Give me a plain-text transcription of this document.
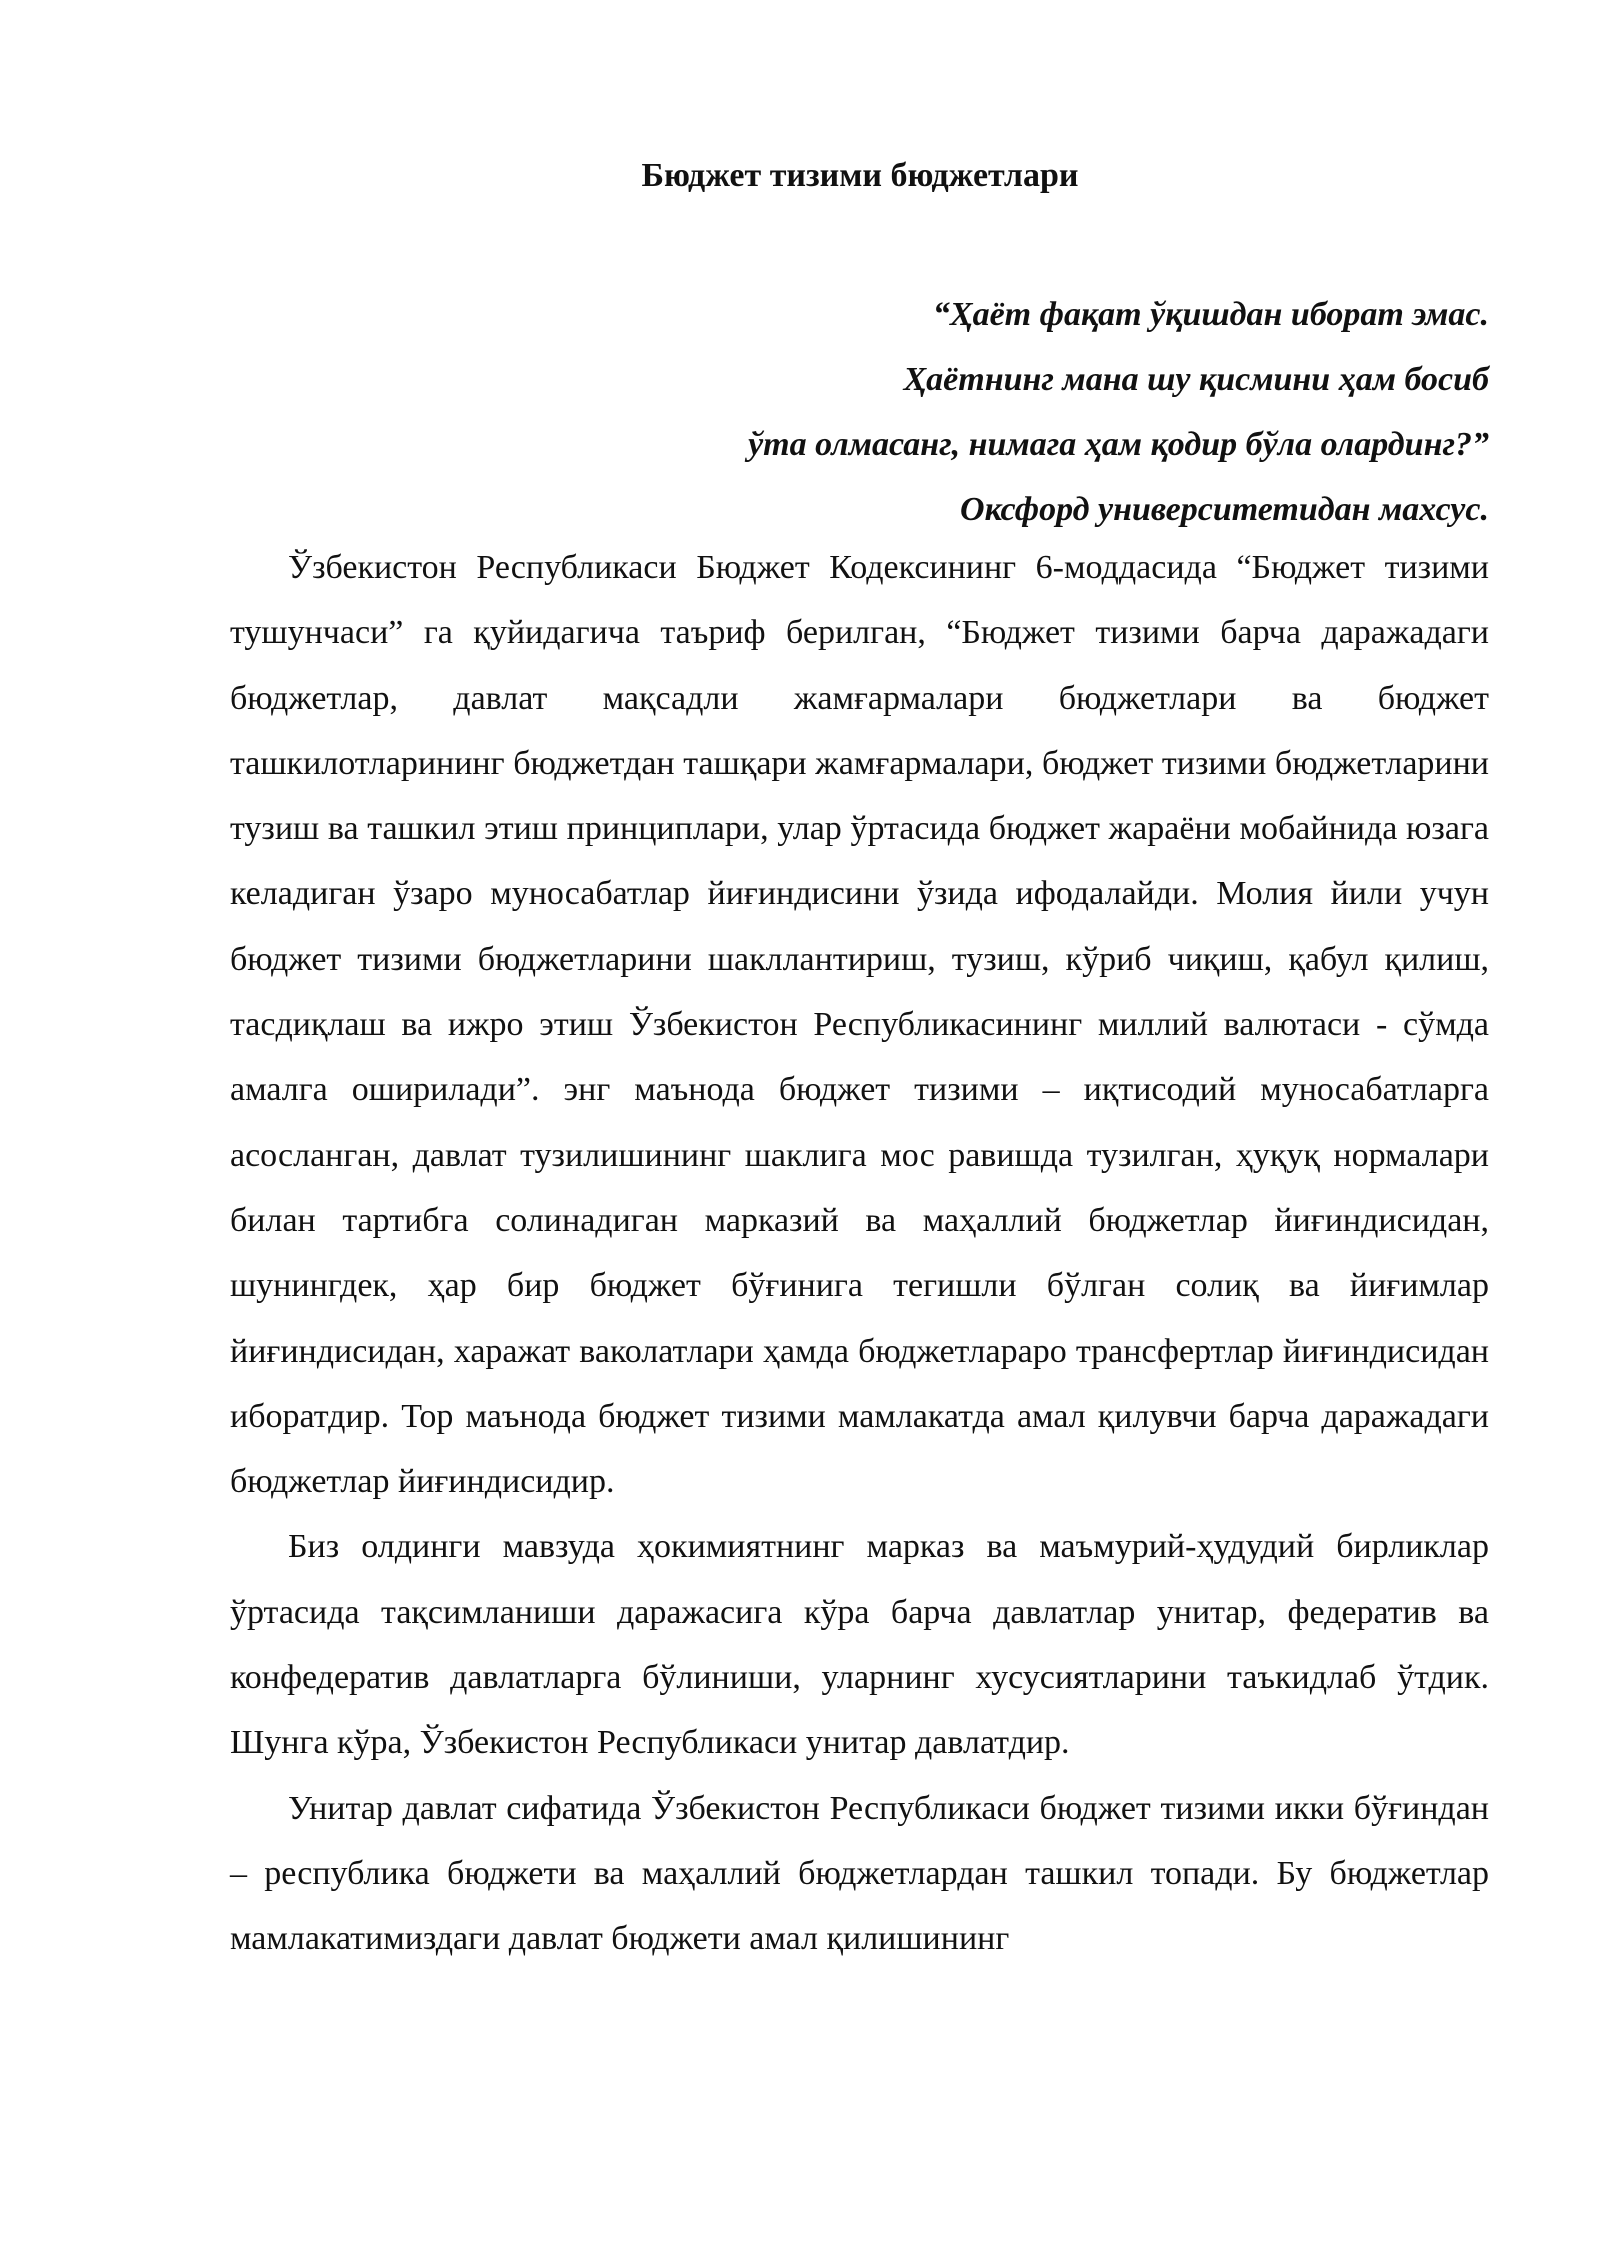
Бюджет тизими бюджетлари
“Ҳаёт фақат ўқишдан иборат эмас.
Ҳаётнинг мана шу қисмини ҳам босиб
ўта олмасанг, нимага ҳам қодир бўла олардинг?”
Оксфорд университетидан махсус.

Ўзбекистон Республикаси Бюджет Кодексининг 6-моддасида “Бюджет тизими тушунчаси” га қуйидагича таъриф берилган, “Бюджет тизими барча даражадаги бюджетлар, давлат мақсадли жамғармалари бюджетлари ва бюджет ташкилотларининг бюджетдан ташқари жамғармалари, бюджет тизими бюджетларини тузиш ва ташкил этиш принциплари, улар ўртасида бюджет жараёни мобайнида юзага келадиган ўзаро муносабатлар йиғиндисини ўзида ифодалайди. Молия йили учун бюджет тизими бюджетларини шакллантириш, тузиш, кўриб чиқиш, қабул қилиш, тасдиқлаш ва ижро этиш Ўзбекистон Республикасининг миллий валютаси - сўмда амалга оширилади”. энг маънода бюджет тизими – иқтисодий муносабатларга асосланган, давлат тузилишининг шаклига мос равишда тузилган, ҳуқуқ нормалари билан тартибга солинадиган марказий ва маҳаллий бюджетлар йиғиндисидан, шунингдек, ҳар бир бюджет бўғинига тегишли бўлган солиқ ва йиғимлар йиғиндисидан, харажат ваколатлари ҳамда бюджетлараро трансфертлар йиғиндисидан иборатдир. Тор маънода бюджет тизими мамлакатда амал қилувчи барча даражадаги бюджетлар йиғиндисидир.

Биз олдинги мавзуда ҳокимиятнинг марказ ва маъмурий-ҳудудий бирликлар ўртасида тақсимланиши даражасига кўра барча давлатлар унитар, федератив ва конфедератив давлатларга бўлиниши, уларнинг хусусиятларини таъкидлаб ўтдик. Шунга кўра, Ўзбекистон Республикаси унитар давлатдир.

Унитар давлат сифатида Ўзбекистон Республикаси бюджет тизими икки бўғиндан – республика бюджети ва маҳаллий бюджетлардан ташкил топади. Бу бюджетлар мамлакатимиздаги давлат бюджети амал қилишининг
